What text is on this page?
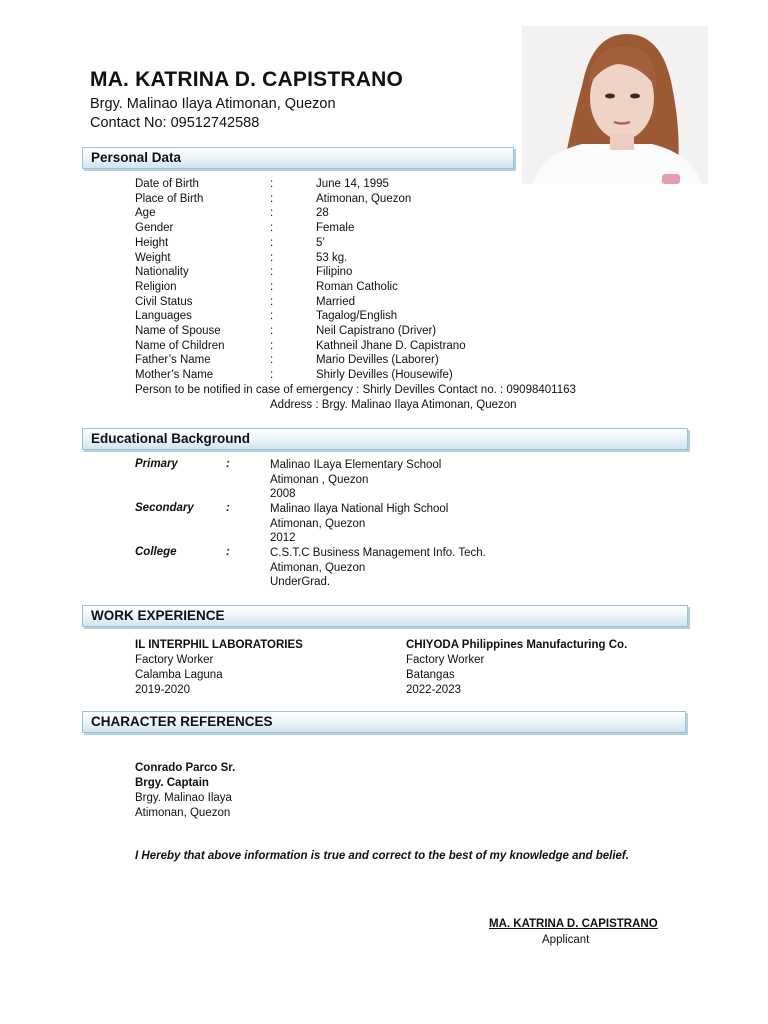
MA. KATRINA D. CAPISTRANO
Brgy. Malinao Ilaya Atimonan, Quezon
Contact No: 09512742588
Personal Data
Date of Birth	:	June 14, 1995
Place of Birth	:	Atimonan, Quezon
Age	:	28
Gender	:	Female
Height	:	5’
Weight	:	53 kg.
Nationality	:	Filipino
Religion	:	Roman Catholic
Civil Status	:	Married
Languages	:	Tagalog/English
Name of Spouse	:	Neil Capistrano (Driver)
Name of Children	:	Kathneil Jhane D. Capistrano
Father’s Name	:	Mario Devilles (Laborer)
Mother’s Name	:	Shirly Devilles (Housewife)
Person to be notified in case of emergency : Shirly Devilles Contact no. : 09098401163
Address : Brgy. Malinao Ilaya Atimonan, Quezon
Educational Background
Primary	:	Malinao ILaya Elementary School
Atimonan , Quezon
2008
Secondary	:	Malinao Ilaya National High School
Atimonan, Quezon
2012
College	:	C.S.T.C Business Management Info. Tech.
Atimonan, Quezon
UnderGrad.
WORK EXPERIENCE
IL INTERPHIL LABORATORIES
Factory Worker
Calamba Laguna
2019-2020
CHIYODA Philippines Manufacturing Co.
Factory Worker
Batangas
2022-2023
CHARACTER REFERENCES
Conrado Parco Sr.
Brgy. Captain
Brgy. Malinao Ilaya
Atimonan, Quezon
I Hereby that above information is true and correct to the best of my knowledge and belief.
MA. KATRINA D. CAPISTRANO
Applicant
